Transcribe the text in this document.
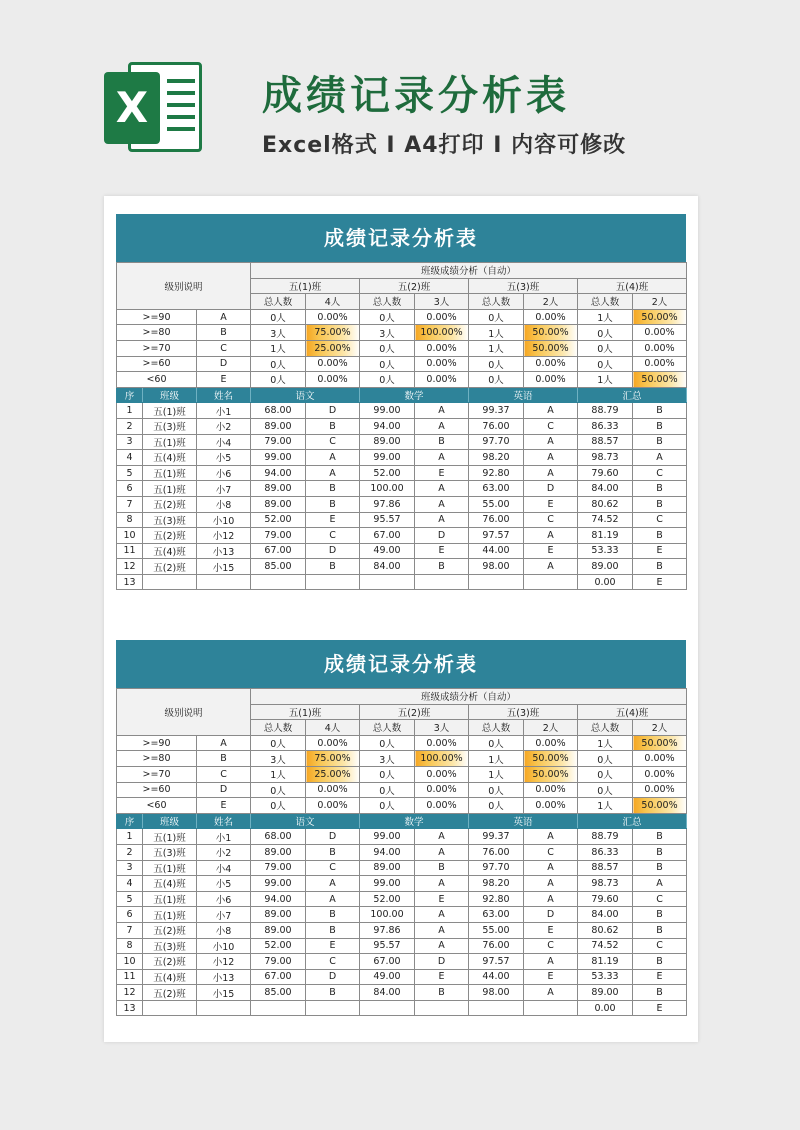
X	成绩记录分析表
Excel格式 I A4打印 I 内容可修改
成绩记录分析表
级别说明			班级成绩分析（自动）							
			五(1)班		五(2)班		五(3)班		五(4)班	
			总人数	4人	总人数	3人	总人数	2人	总人数	2人
>=90		A	0人	0.00%	0人	0.00%	0人	0.00%	1人	50.00%
>=80		B	3人	75.00%	3人	100.00%	1人	50.00%	0人	0.00%
>=70		C	1人	25.00%	0人	0.00%	1人	50.00%	0人	0.00%
>=60		D	0人	0.00%	0人	0.00%	0人	0.00%	0人	0.00%
<60		E	0人	0.00%	0人	0.00%	0人	0.00%	1人	50.00%
序	班级	姓名	语文		数学		英语		汇总	
1	五(1)班	小1	68.00	D	99.00	A	99.37	A	88.79	B
2	五(3)班	小2	89.00	B	94.00	A	76.00	C	86.33	B
3	五(1)班	小4	79.00	C	89.00	B	97.70	A	88.57	B
4	五(4)班	小5	99.00	A	99.00	A	98.20	A	98.73	A
5	五(1)班	小6	94.00	A	52.00	E	92.80	A	79.60	C
6	五(1)班	小7	89.00	B	100.00	A	63.00	D	84.00	B
7	五(2)班	小8	89.00	B	97.86	A	55.00	E	80.62	B
8	五(3)班	小10	52.00	E	95.57	A	76.00	C	74.52	C
10	五(2)班	小12	79.00	C	67.00	D	97.57	A	81.19	B
11	五(4)班	小13	67.00	D	49.00	E	44.00	E	53.33	E
12	五(2)班	小15	85.00	B	84.00	B	98.00	A	89.00	B
13									0.00	E
成绩记录分析表
级别说明			班级成绩分析（自动）							
			五(1)班		五(2)班		五(3)班		五(4)班	
			总人数	4人	总人数	3人	总人数	2人	总人数	2人
>=90		A	0人	0.00%	0人	0.00%	0人	0.00%	1人	50.00%
>=80		B	3人	75.00%	3人	100.00%	1人	50.00%	0人	0.00%
>=70		C	1人	25.00%	0人	0.00%	1人	50.00%	0人	0.00%
>=60		D	0人	0.00%	0人	0.00%	0人	0.00%	0人	0.00%
<60		E	0人	0.00%	0人	0.00%	0人	0.00%	1人	50.00%
序	班级	姓名	语文		数学		英语		汇总	
1	五(1)班	小1	68.00	D	99.00	A	99.37	A	88.79	B
2	五(3)班	小2	89.00	B	94.00	A	76.00	C	86.33	B
3	五(1)班	小4	79.00	C	89.00	B	97.70	A	88.57	B
4	五(4)班	小5	99.00	A	99.00	A	98.20	A	98.73	A
5	五(1)班	小6	94.00	A	52.00	E	92.80	A	79.60	C
6	五(1)班	小7	89.00	B	100.00	A	63.00	D	84.00	B
7	五(2)班	小8	89.00	B	97.86	A	55.00	E	80.62	B
8	五(3)班	小10	52.00	E	95.57	A	76.00	C	74.52	C
10	五(2)班	小12	79.00	C	67.00	D	97.57	A	81.19	B
11	五(4)班	小13	67.00	D	49.00	E	44.00	E	53.33	E
12	五(2)班	小15	85.00	B	84.00	B	98.00	A	89.00	B
13									0.00	E
